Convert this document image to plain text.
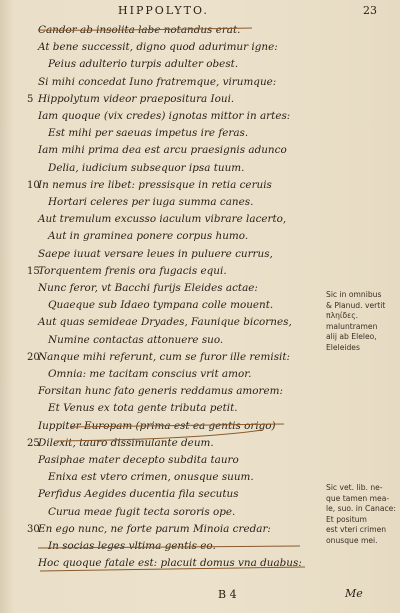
HIPPOLYTO.	23
Candor ab insolita labe notandus erat.
At bene successit, digno quod adurimur igne:
Peius adulterio turpis adulter obest.
Si mihi concedat Iuno fratremque, virumque:
5 Hippolytum videor praepositura Ioui.
Iam quoque (vix credes) ignotas mittor in artes:
Est mihi per saeuas impetus ire feras.
Iam mihi prima dea est arcu praesignis adunco
Delia, iudicium subsequor ipsa tuum.
10
In nemus ire libet: pressisque in retia ceruis
Hortari celeres per iuga summa canes.
Aut tremulum excusso iaculum vibrare lacerto,
Aut in graminea ponere corpus humo.
Saepe iuuat versare leues in puluere currus,
15
Torquentem frenis ora fugacis equi.
Nunc feror, vt Bacchi furijs Eleides actae:
Quaeque sub Idaeo tympana colle mouent.
Aut quas semideae Dryades, Faunique bicornes,
Numine contactas attonuere suo.
20
Nanque mihi referunt, cum se furor ille remisit:
Omnia: me tacitam conscius vrit amor.
Forsitan hunc fato generis reddamus amorem:
Et Venus ex tota gente tributa petit.
Iuppiter Europam (prima est ea gentis origo)
25
Dilexit, tauro dissimulante deum.
Pasiphae mater decepto subdita tauro
Enixa est vtero crimen, onusque suum.
Perfidus Aegides ducentia fila secutus
Curua meae fugit tecta sororis ope.
30
En ego nunc, ne forte parum Minoia credar:
In socias leges vltima gentis eo.
Hoc quoque fatale est: placuit domus vna duabus:
Sic in omnibus
& Planud. vertit
πληίδες.
maluntramen
alij ab Eleleo,
Eleleides
Sic vet. lib. ne-
que tamen mea-
le, suo. in Canace:
Et positum
est vteri crimen
onusque mei.
B 4	Me
